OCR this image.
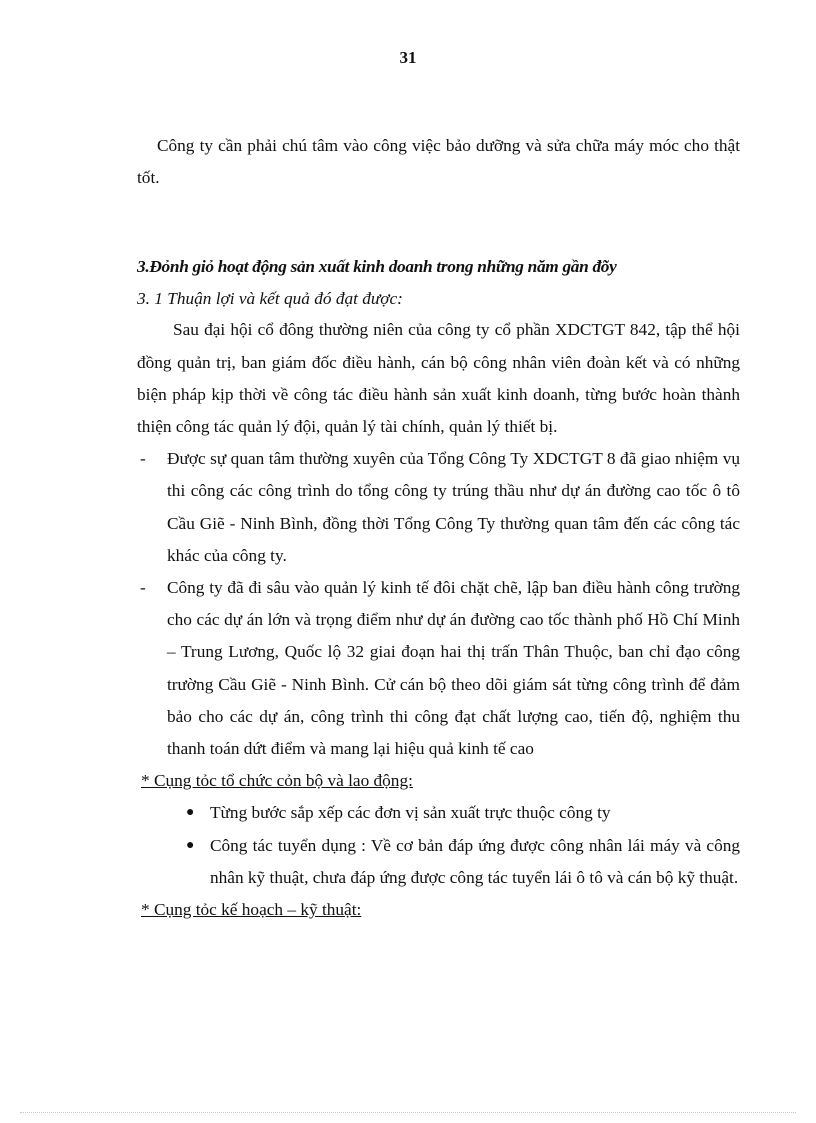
31

Công ty cần phải chú tâm vào công việc bảo dưỡng và sửa chữa máy móc cho thật tốt.

3.Đỏnh giỏ hoạt động sản xuất kinh doanh trong những năm gần đõy

3. 1 Thuận lợi và kết quả đó đạt được:

Sau đại hội cổ đông thường niên của công ty cổ phần XDCTGT 842, tập thể hội đồng quản trị, ban giám đốc điều hành, cán bộ công nhân viên đoàn kết và có những biện pháp kịp thời về công tác điều hành sản xuất kinh doanh, từng bước hoàn thành thiện công tác quản lý đội, quản lý tài chính, quản lý thiết bị.

- Được sự quan tâm thường xuyên của Tổng Công Ty XDCTGT 8 đã giao nhiệm vụ thi công các công trình do tổng công ty trúng thầu như dự án đường cao tốc ô tô Cầu Giẽ - Ninh Bình, đồng thời Tổng Công Ty thường quan tâm đến các công tác khác của công ty.
- Công ty đã đi sâu vào quản lý kinh tế đôi chặt chẽ, lập ban điều hành công trường cho các dự án lớn và trọng điểm như dự án đường cao tốc thành phố Hồ Chí Minh – Trung Lương, Quốc lộ 32 giai đoạn hai thị trấn Thân Thuộc, ban chỉ đạo công trường Cầu Giẽ - Ninh Bình. Cử cán bộ theo dõi giám sát từng công trình để đảm bảo cho các dự án, công trình thi công đạt chất lượng cao, tiến độ, nghiệm thu thanh toán dứt điểm và mang lại hiệu quả kinh tế cao

* Cụng tỏc tổ chức cỏn bộ và lao động:

● Từng bước sắp xếp các đơn vị sản xuất trực thuộc công ty
● Công tác tuyển dụng : Về cơ bản đáp ứng được công nhân lái máy và công nhân kỹ thuật, chưa đáp ứng được công tác tuyển lái ô tô và cán bộ kỹ thuật.

* Cụng tỏc kế hoạch – kỹ thuật:
